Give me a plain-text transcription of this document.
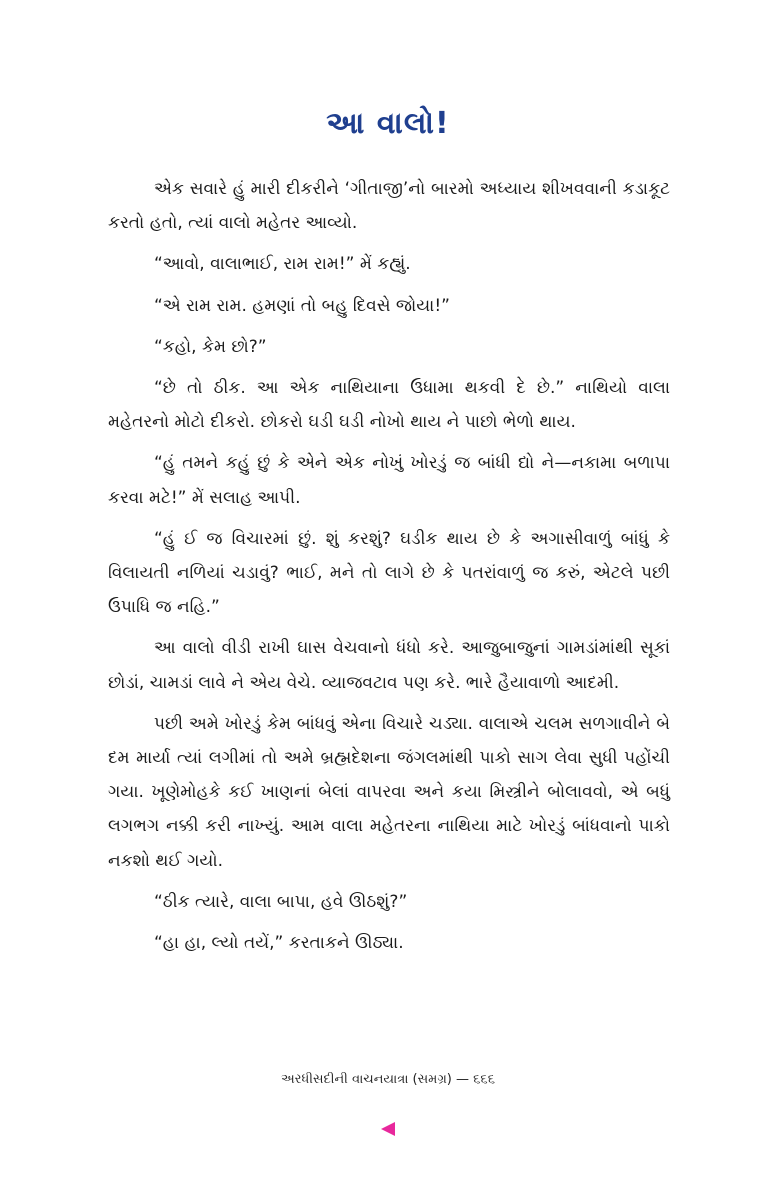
આ વાલો!

એક સવારે હું મારી દીકરીને ‘ગીતાજી’નો બારમો અધ્યાય શીખવવાની કડાકૂટ કરતો હતો, ત્યાં વાલો મહેતર આવ્યો.

“આવો, વાલાભાઈ, રામ રામ!” મેં કહ્યું.

“એ રામ રામ. હમણાં તો બહુ દિવસે જોયા!”

“કહો, કેમ છો?”

“છે તો ઠીક. આ એક નાથિયાના ઉધામા થકવી દે છે.” નાથિયો વાલા મહેતરનો મોટો દીકરો. છોકરો ઘડી ઘડી નોખો થાય ને પાછો ભેળો થાય.

“હું તમને કહું છું કે એને એક નોખું ખોરડું જ બાંધી દ્યો ને—નકામા બળાપા કરવા મટે!” મેં સલાહ આપી.

“હું ઈ જ વિચારમાં છું. શું કરશું? ઘડીક થાય છે કે અગાસીવાળું બાંધું કે વિલાયતી નળિયાં ચડાવું? ભાઈ, મને તો લાગે છે કે પતરાંવાળું જ કરું, એટલે પછી ઉપાધિ જ નહિ.”

આ વાલો વીડી રાખી ઘાસ વેચવાનો ધંધો કરે. આજુબાજુનાં ગામડાંમાંથી સૂકાં છોડાં, ચામડાં લાવે ને એય વેચે. વ્યાજવટાવ પણ કરે. ભારે હૈયાવાળો આદમી.

પછી અમે ખોરડું કેમ બાંધવું એના વિચારે ચડ્યા. વાલાએ ચલમ સળગાવીને બે દમ માર્યા ત્યાં લગીમાં તો અમે બ્રહ્મદેશના જંગલમાંથી પાકો સાગ લેવા સુધી પહોંચી ગયા. ખૂણેમોહકે કઈ ખાણનાં બેલાં વાપરવા અને કયા મિસ્ત્રીને બોલાવવો, એ બધું લગભગ નક્કી કરી નાખ્યું. આમ વાલા મહેતરના નાથિયા માટે ખોરડું બાંધવાનો પાકો નકશો થઈ ગયો.

“ઠીક ત્યારે, વાલા બાપા, હવે ઊઠશું?”

“હા હા, લ્યો તયેં,” કરતાકને ઊઠ્યા.

અરધીસદીની વાચનયાત્રા (સમગ્ર) — ૬૬૬
